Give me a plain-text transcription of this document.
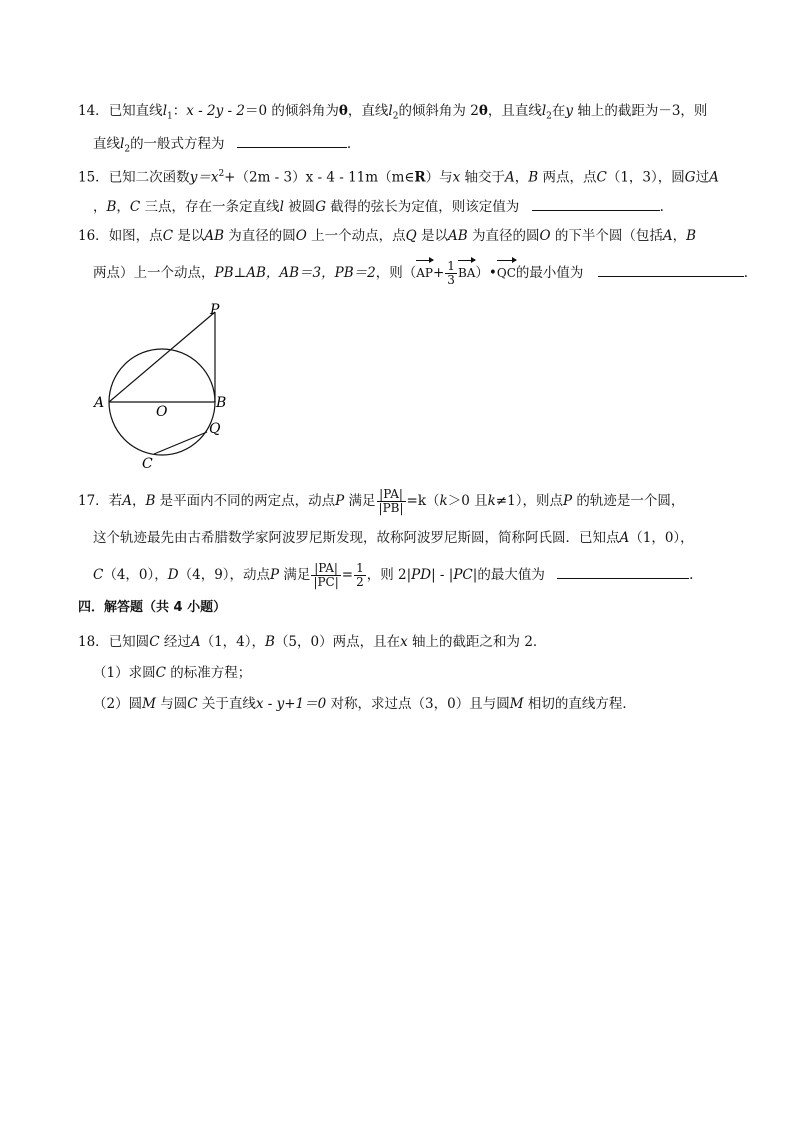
14．已知直线$l_1$：x - 2y - 2＝0 的倾斜角为θ，直线$l_2$的倾斜角为 2θ，且直线$l_2$在y 轴上的截距为－3，则
直线$l_2$的一般式方程为	.
15．已知二次函数$y=x^2+(2m - 3)x - 4$ - 11m（m∈R）与x 轴交于A，B 两点，点C（1，3），圆G过A
，B，C 三点，存在一条定直线l 被圆G 截得的弦长为定值，则该定值为	.
16．如图，点C 是以AB 为直径的圆O 上一个动点，点Q 是以AB 为直径的圆O 的下半个圆（包括A，B
两点）上一个动点，PB⊥AB，AB＝3，PB＝2，则（$AP+ \frac{1}{3}$ BA）•QC的最小值为	.
P
A
O
B
Q
C
17．若A，B 是平面内不同的两定点，动点P 满足 $\frac{|PA|}{|PB|} =k(k>0$ 且k≠1），则点P 的轨迹是一个圆，
这个轨迹最先由古希腊数学家阿波罗尼斯发现，故称阿波罗尼斯圆，简称阿氏圆．已知点A（1，0），
C（4，0），D（4，9），动点P 满足 $\frac{|PA|}{|PC|} = \frac{1}{2}$ ，则 2|PD| - |PC|的最大值为	.
四．解答题（共 4 小题）
18．已知圆C 经过A（1，4），B（5，0）两点，且在x 轴上的截距之和为 2．
（1）求圆C 的标准方程；
（2）圆M 与圆C 关于直线x - y+1＝0 对称，求过点（3，0）且与圆M 相切的直线方程．
